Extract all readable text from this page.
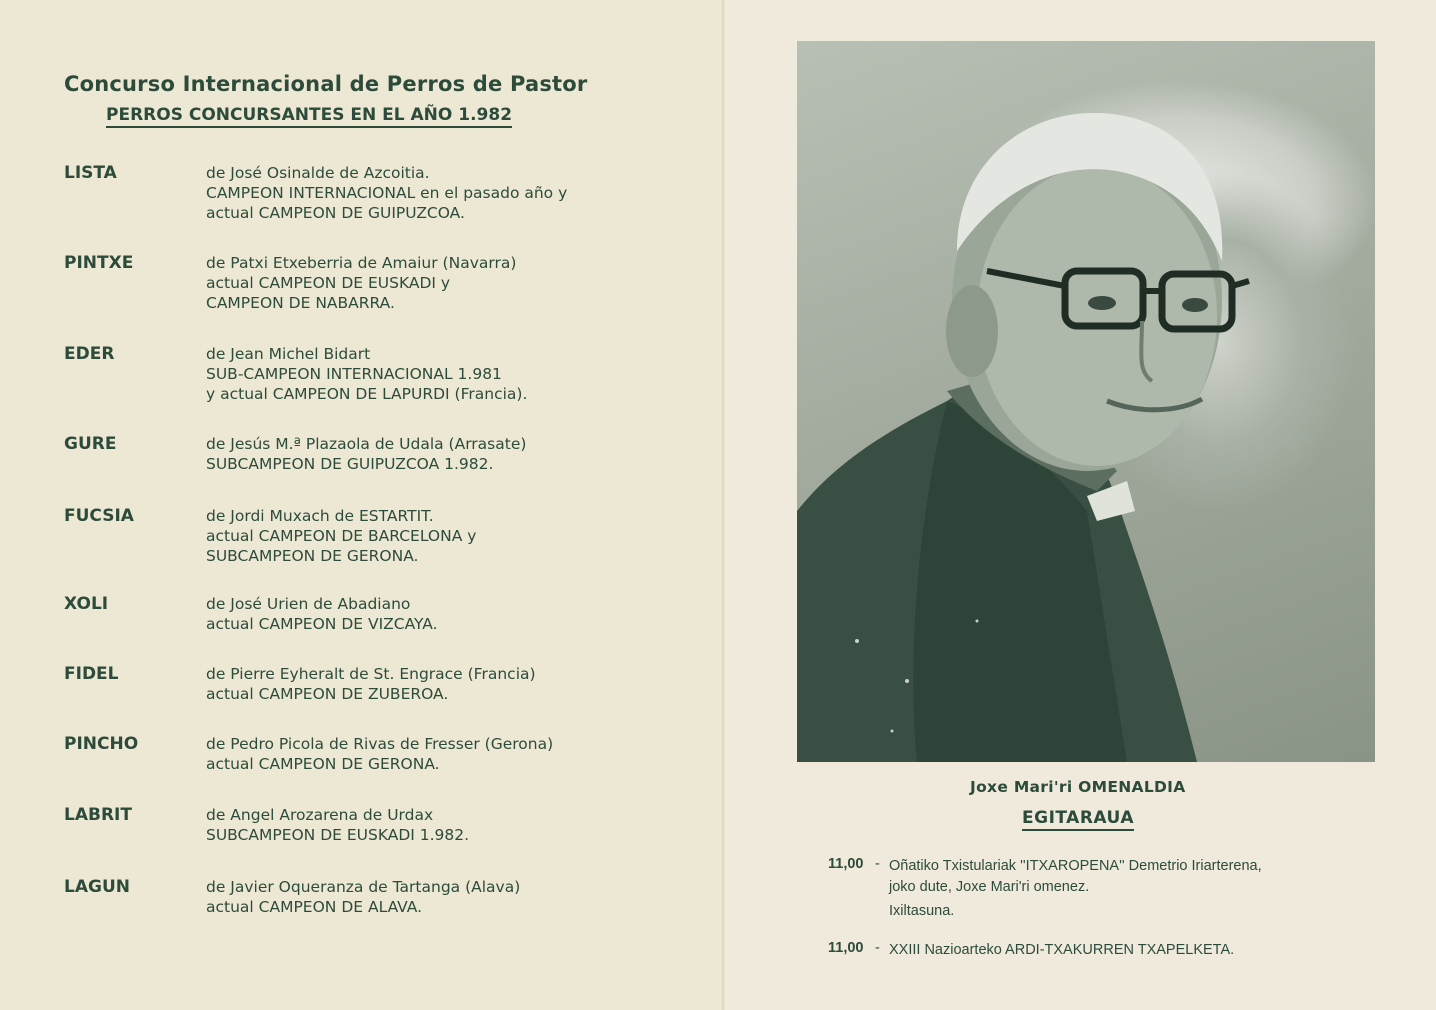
Concurso Internacional de Perros de Pastor
PERROS CONCURSANTES EN EL AÑO 1.982
LISTA	de José Osinalde de Azcoitia.
CAMPEON INTERNACIONAL en el pasado año y
actual CAMPEON DE GUIPUZCOA.
PINTXE	de Patxi Etxeberria de Amaiur (Navarra)
actual CAMPEON DE EUSKADI y
CAMPEON DE NABARRA.
EDER	de Jean Michel Bidart
SUB-CAMPEON INTERNACIONAL 1.981
y actual CAMPEON DE LAPURDI (Francia).
GURE	de Jesús M.ª Plazaola de Udala (Arrasate)
SUBCAMPEON DE GUIPUZCOA 1.982.
FUCSIA	de Jordi Muxach de ESTARTIT.
actual CAMPEON DE BARCELONA y
SUBCAMPEON DE GERONA.
XOLI	de José Urien de Abadiano
actual CAMPEON DE VIZCAYA.
FIDEL	de Pierre Eyheralt de St. Engrace (Francia)
actual CAMPEON DE ZUBEROA.
PINCHO	de Pedro Picola de Rivas de Fresser (Gerona)
actual CAMPEON DE GERONA.
LABRIT	de Angel Arozarena de Urdax
SUBCAMPEON DE EUSKADI 1.982.
LAGUN	de Javier Oqueranza de Tartanga (Alava)
actual CAMPEON DE ALAVA.
Joxe Mari'ri OMENALDIA
EGITARAUA
11,00 - Oñatiko Txistulariak ''ITXAROPENA'' Demetrio Iriarterena,
joko dute, Joxe Mari'ri omenez.
Ixiltasuna.
11,00 - XXIII Nazioarteko ARDI-TXAKURREN TXAPELKETA.
